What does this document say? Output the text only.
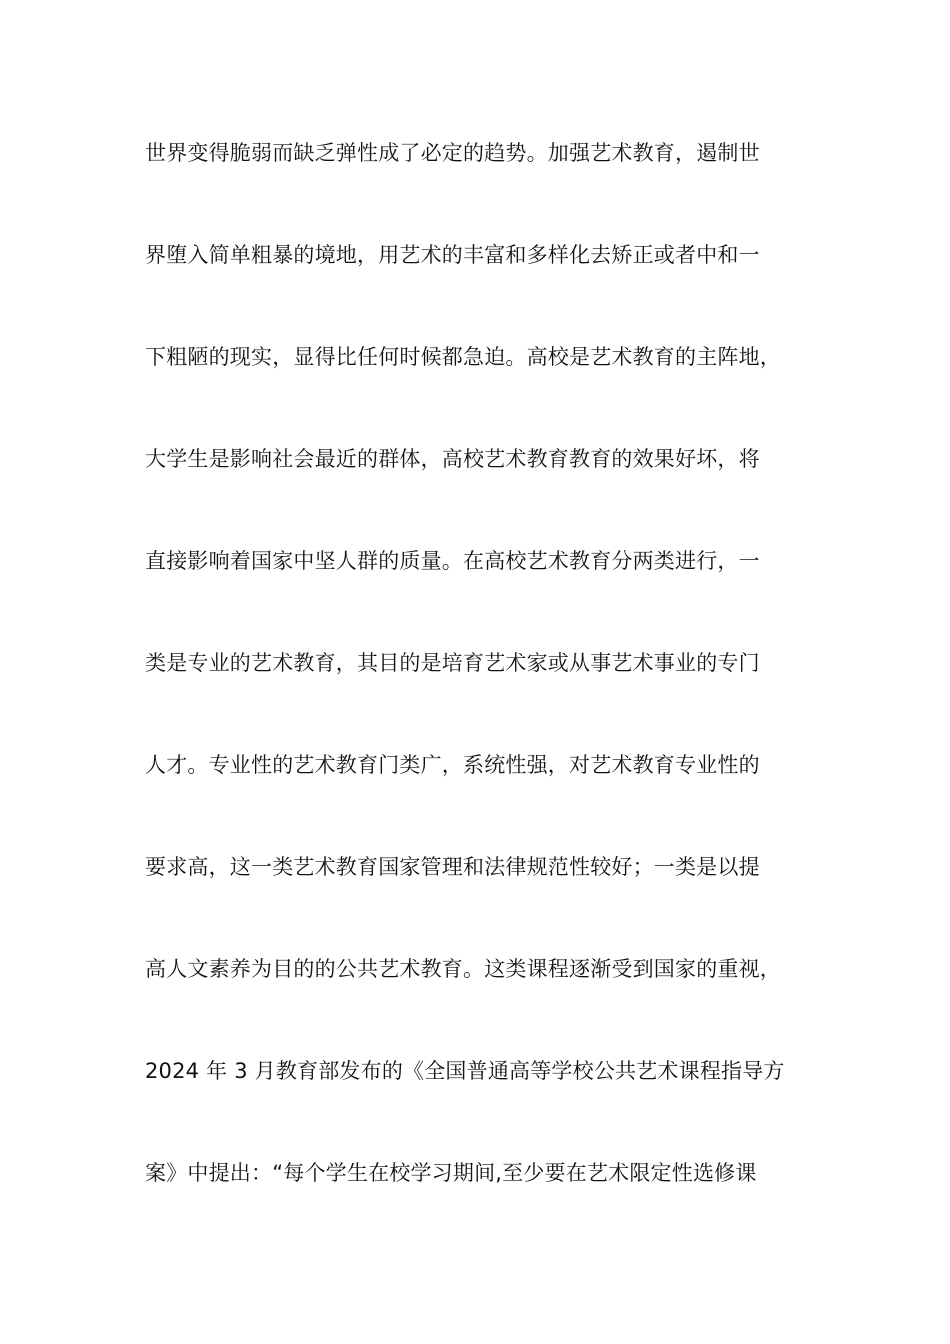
世界变得脆弱而缺乏弹性成了必定的趋势。加强艺术教育，遏制世
界堕入简单粗暴的境地，用艺术的丰富和多样化去矫正或者中和一
下粗陋的现实，显得比任何时候都急迫。高校是艺术教育的主阵地，
大学生是影响社会最近的群体，高校艺术教育教育的效果好坏，将
直接影响着国家中坚人群的质量。在高校艺术教育分两类进行，一
类是专业的艺术教育，其目的是培育艺术家或从事艺术事业的专门
人才。专业性的艺术教育门类广，系统性强，对艺术教育专业性的
要求高，这一类艺术教育国家管理和法律规范性较好；一类是以提
高人文素养为目的的公共艺术教育。这类课程逐渐受到国家的重视，
2024 年 3 月教育部发布的《全国普通高等学校公共艺术课程指导方
案》中提出：“每个学生在校学习期间,至少要在艺术限定性选修课
